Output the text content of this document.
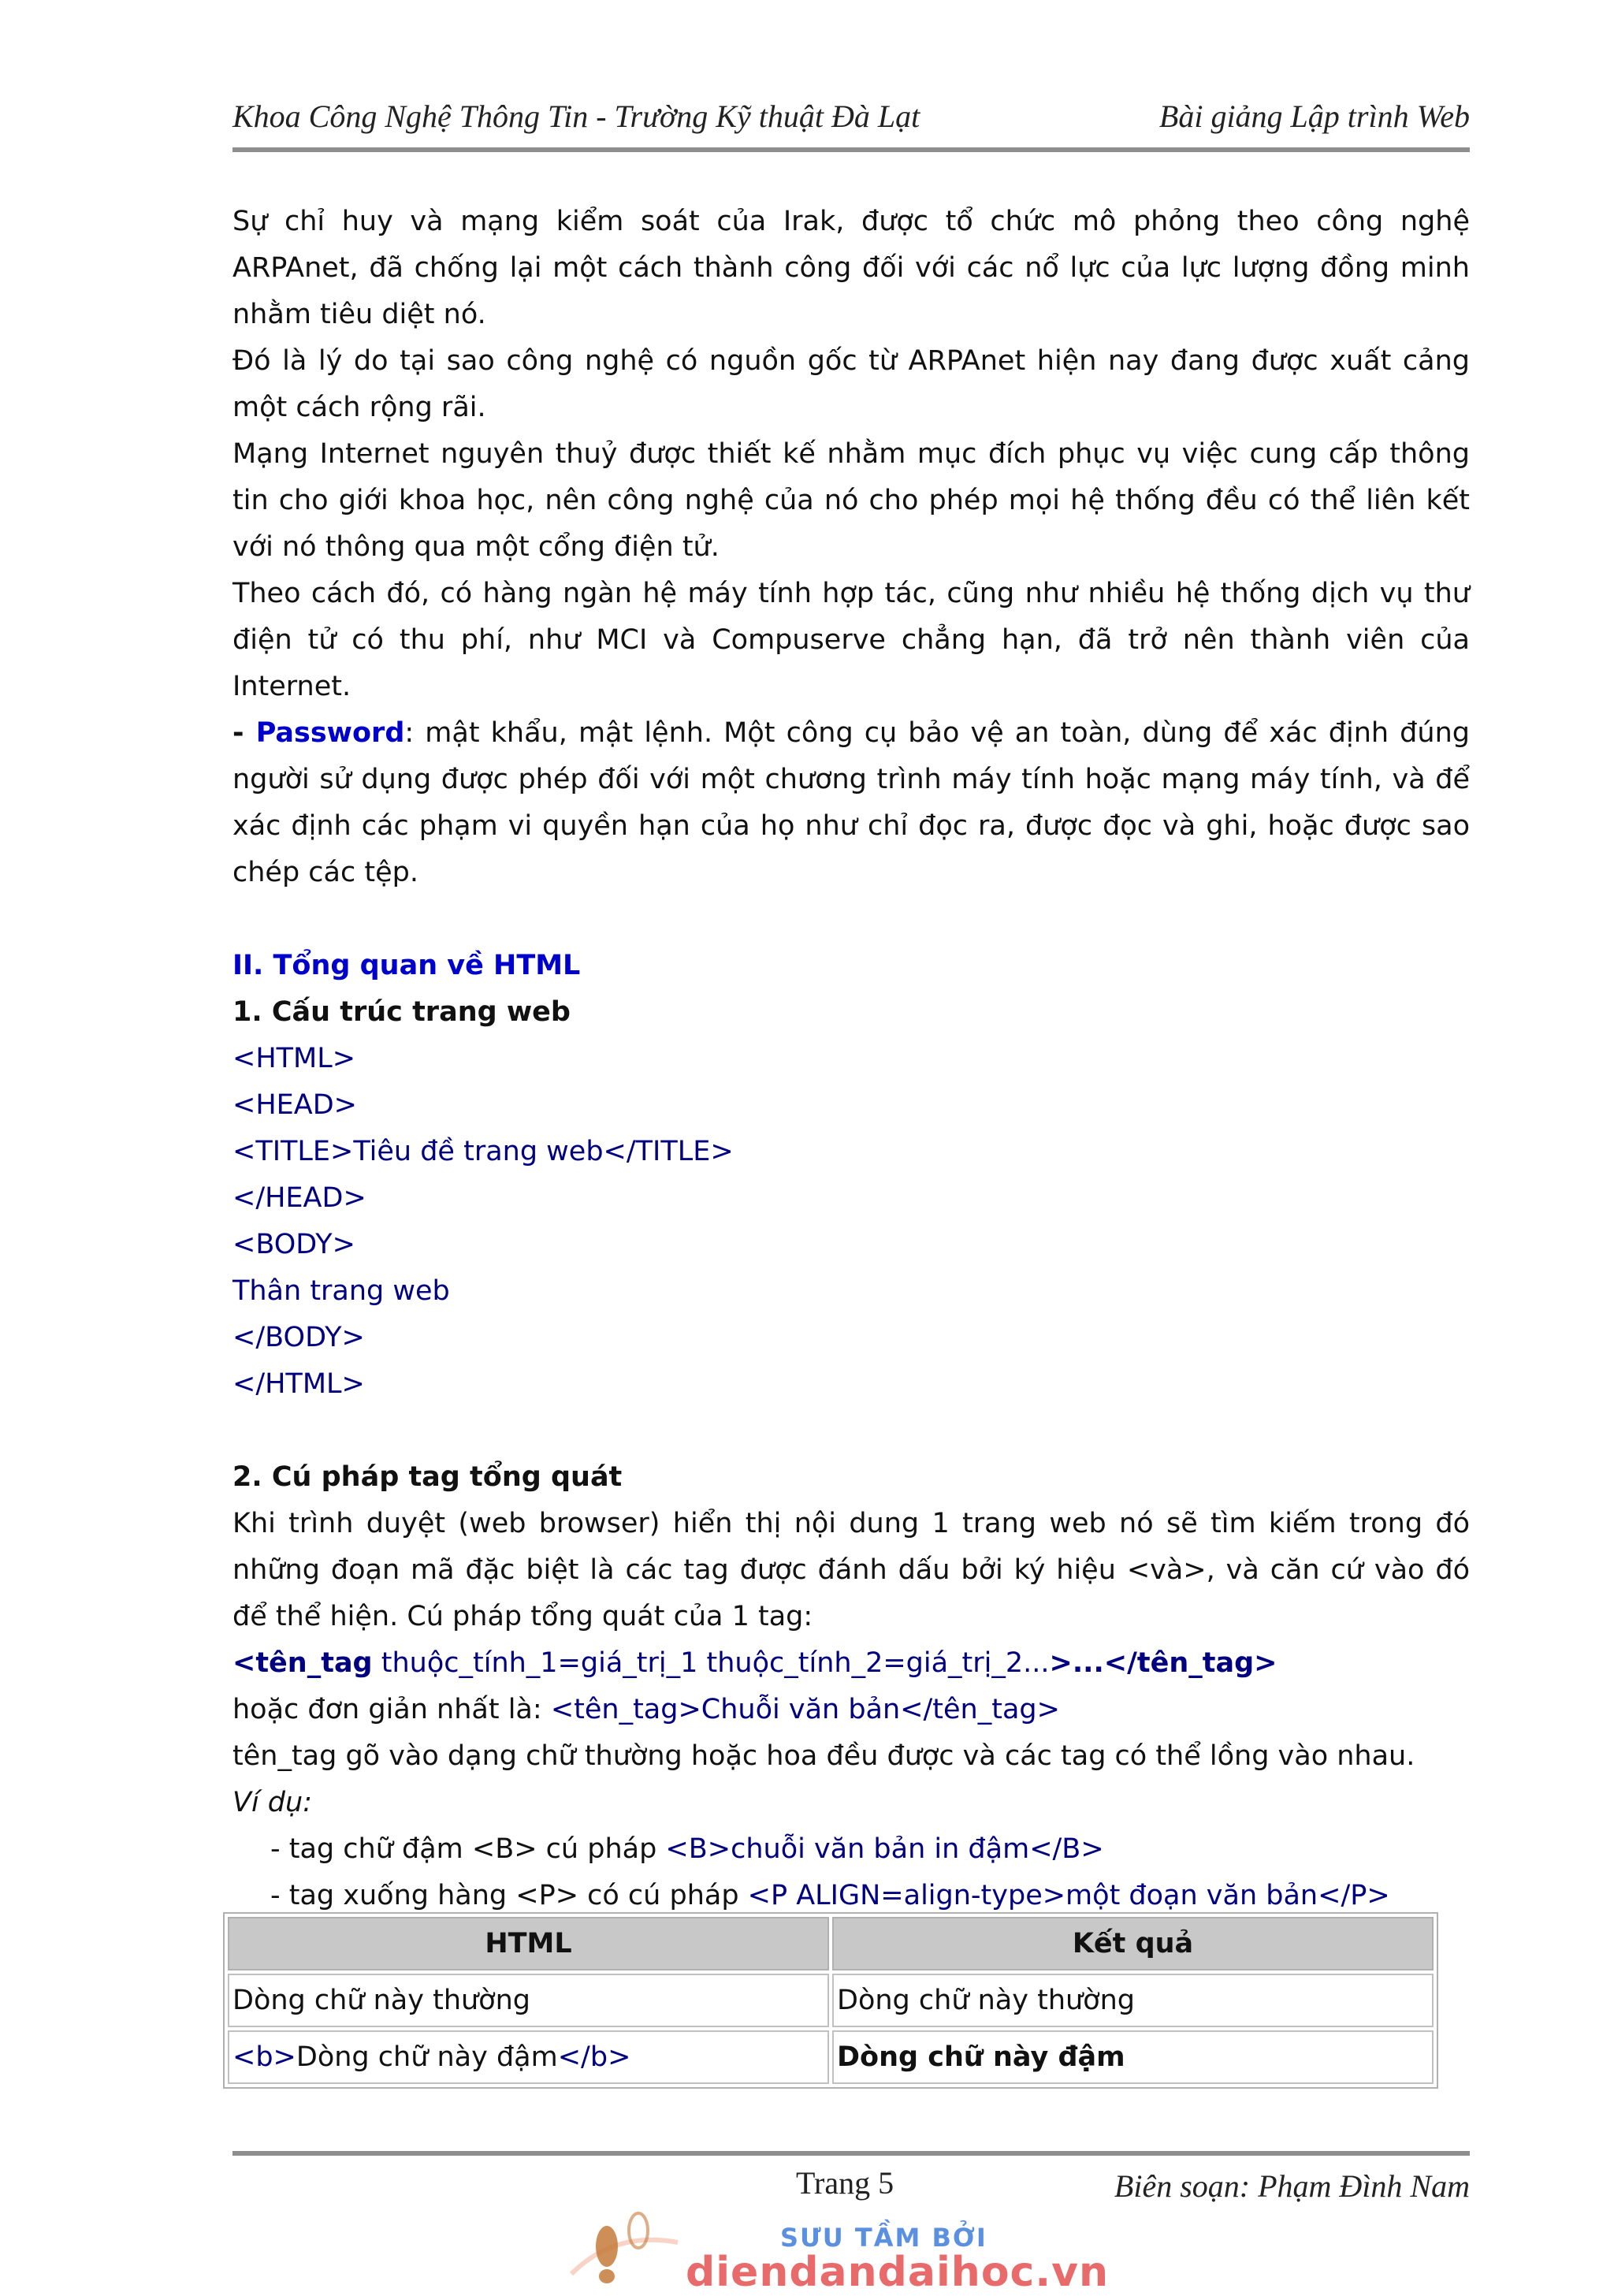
Khoa Công Nghệ Thông Tin - Trường Kỹ thuật Đà Lạt	Bài giảng Lập trình Web

Sự chỉ huy và mạng kiểm soát của Irak, được tổ chức mô phỏng theo công nghệ ARPAnet, đã chống lại một cách thành công đối với các nổ lực của lực lượng đồng minh nhằm tiêu diệt nó.

Đó là lý do tại sao công nghệ có nguồn gốc từ ARPAnet hiện nay đang được xuất cảng một cách rộng rãi.

Mạng Internet nguyên thuỷ được thiết kế nhằm mục đích phục vụ việc cung cấp thông tin cho giới khoa học, nên công nghệ của nó cho phép mọi hệ thống đều có thể liên kết với nó thông qua một cổng điện tử.

Theo cách đó, có hàng ngàn hệ máy tính hợp tác, cũng như nhiều hệ thống dịch vụ thư điện tử có thu phí, như MCI và Compuserve chẳng hạn, đã trở nên thành viên của Internet.

- Password: mật khẩu, mật lệnh. Một công cụ bảo vệ an toàn, dùng để xác định đúng người sử dụng được phép đối với một chương trình máy tính hoặc mạng máy tính, và để xác định các phạm vi quyền hạn của họ như chỉ đọc ra, được đọc và ghi, hoặc được sao chép các tệp.

II. Tổng quan về HTML

1. Cấu trúc trang web

<HTML>

<HEAD>

<TITLE>Tiêu đề trang web</TITLE>

</HEAD>

<BODY>

Thân trang web

</BODY>

</HTML>

2. Cú pháp tag tổng quát

Khi trình duyệt (web browser) hiển thị nội dung 1 trang web nó sẽ tìm kiếm trong đó những đoạn mã đặc biệt là các tag được đánh dấu bởi ký hiệu <và>, và căn cứ vào đó để thể hiện. Cú pháp tổng quát của 1 tag:

<tên_tag thuộc_tính_1=giá_trị_1 thuộc_tính_2=giá_trị_2...>...</tên_tag>

hoặc đơn giản nhất là: <tên_tag>Chuỗi văn bản</tên_tag>

tên_tag gõ vào dạng chữ thường hoặc hoa đều được và các tag có thể lồng vào nhau.

Ví dụ:

- tag chữ đậm <B> cú pháp <B>chuỗi văn bản in đậm</B>

- tag xuống hàng <P> có cú pháp <P ALIGN=align-type>một đoạn văn bản</P>

HTML	Kết quả
Dòng chữ này thường	Dòng chữ này thường
<b>Dòng chữ này đậm</b>	Dòng chữ này đậm
Trang 5	Biên soạn: Phạm Đình Nam
SƯU TẦM BỞI
diendandaihoc.vn
